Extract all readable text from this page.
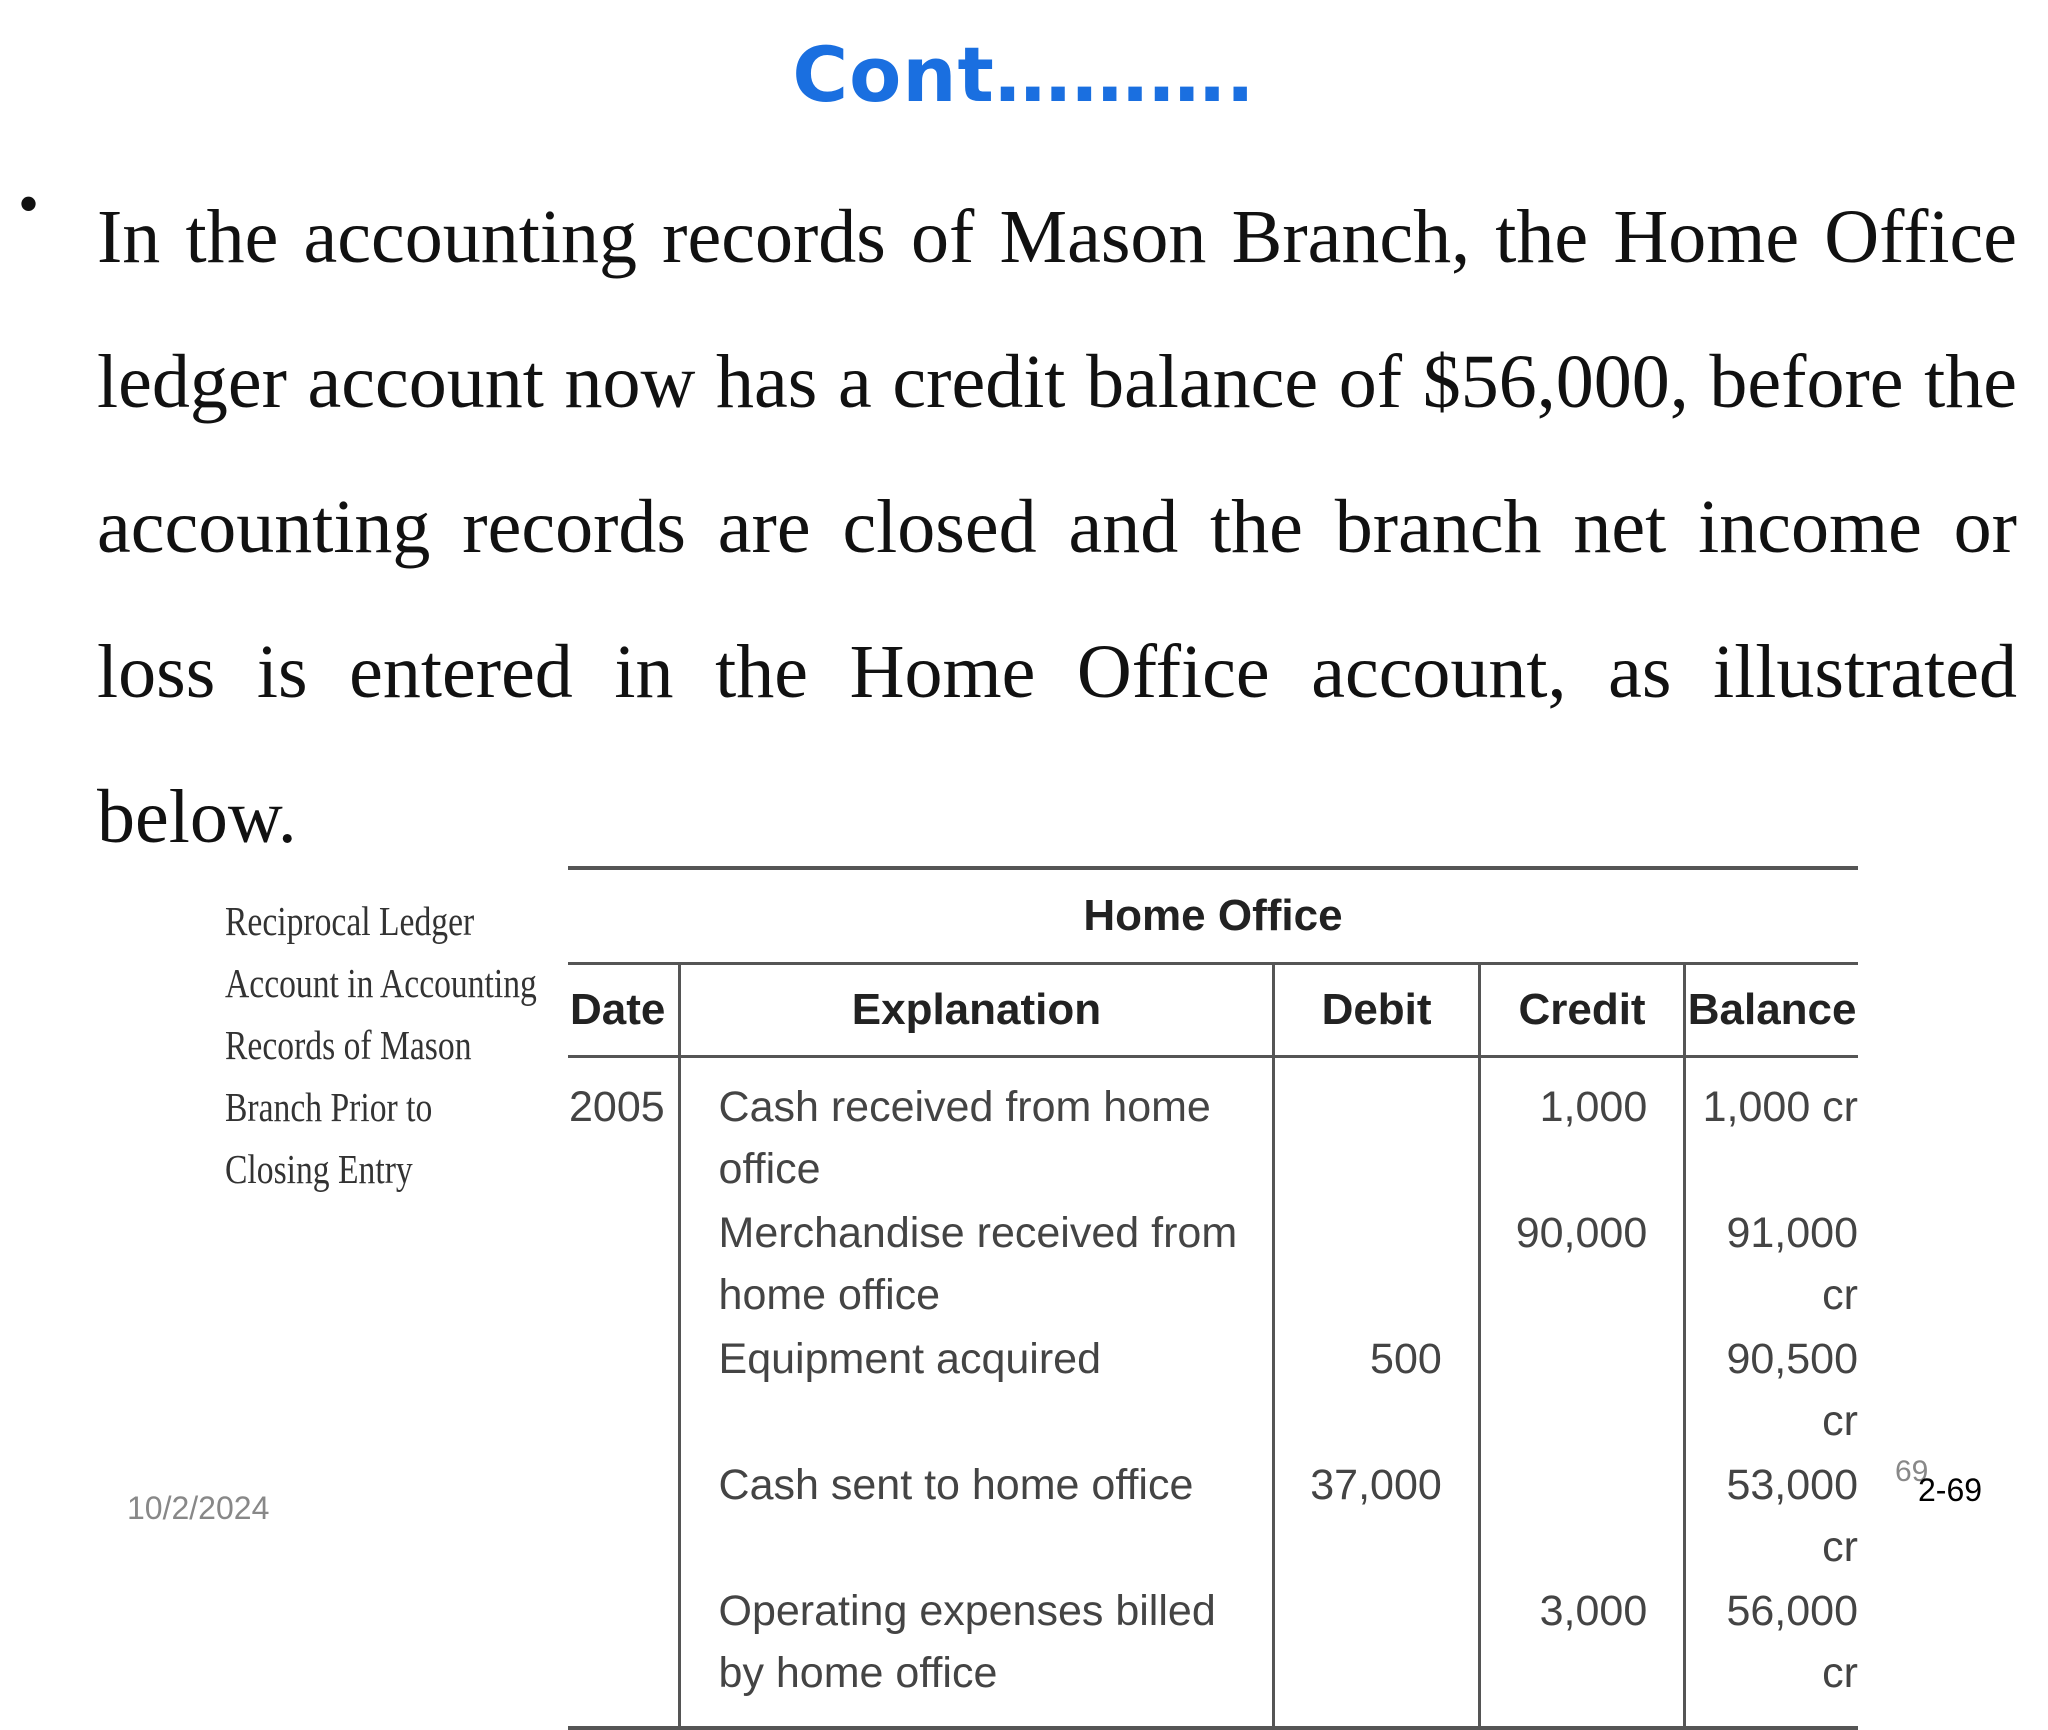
Cont……….
• In the accounting records of Mason Branch, the Home Office ledger account now has a credit balance of $56,000, before the accounting records are closed and the branch net income or loss is entered in the Home Office account, as illustrated below.

Reciprocal Ledger
Account in Accounting
Records of Mason
Branch Prior to
Closing Entry
Home Office
Date	Explanation	Debit	Credit	Balance
2005	Cash received from home office		1,000	1,000 cr
	Merchandise received from home office		90,000	91,000 cr
	Equipment acquired	500		90,500 cr
	Cash sent to home office	37,000		53,000 cr
	Operating expenses billed by home office		3,000	56,000 cr
10/2/2024
69
2-69
